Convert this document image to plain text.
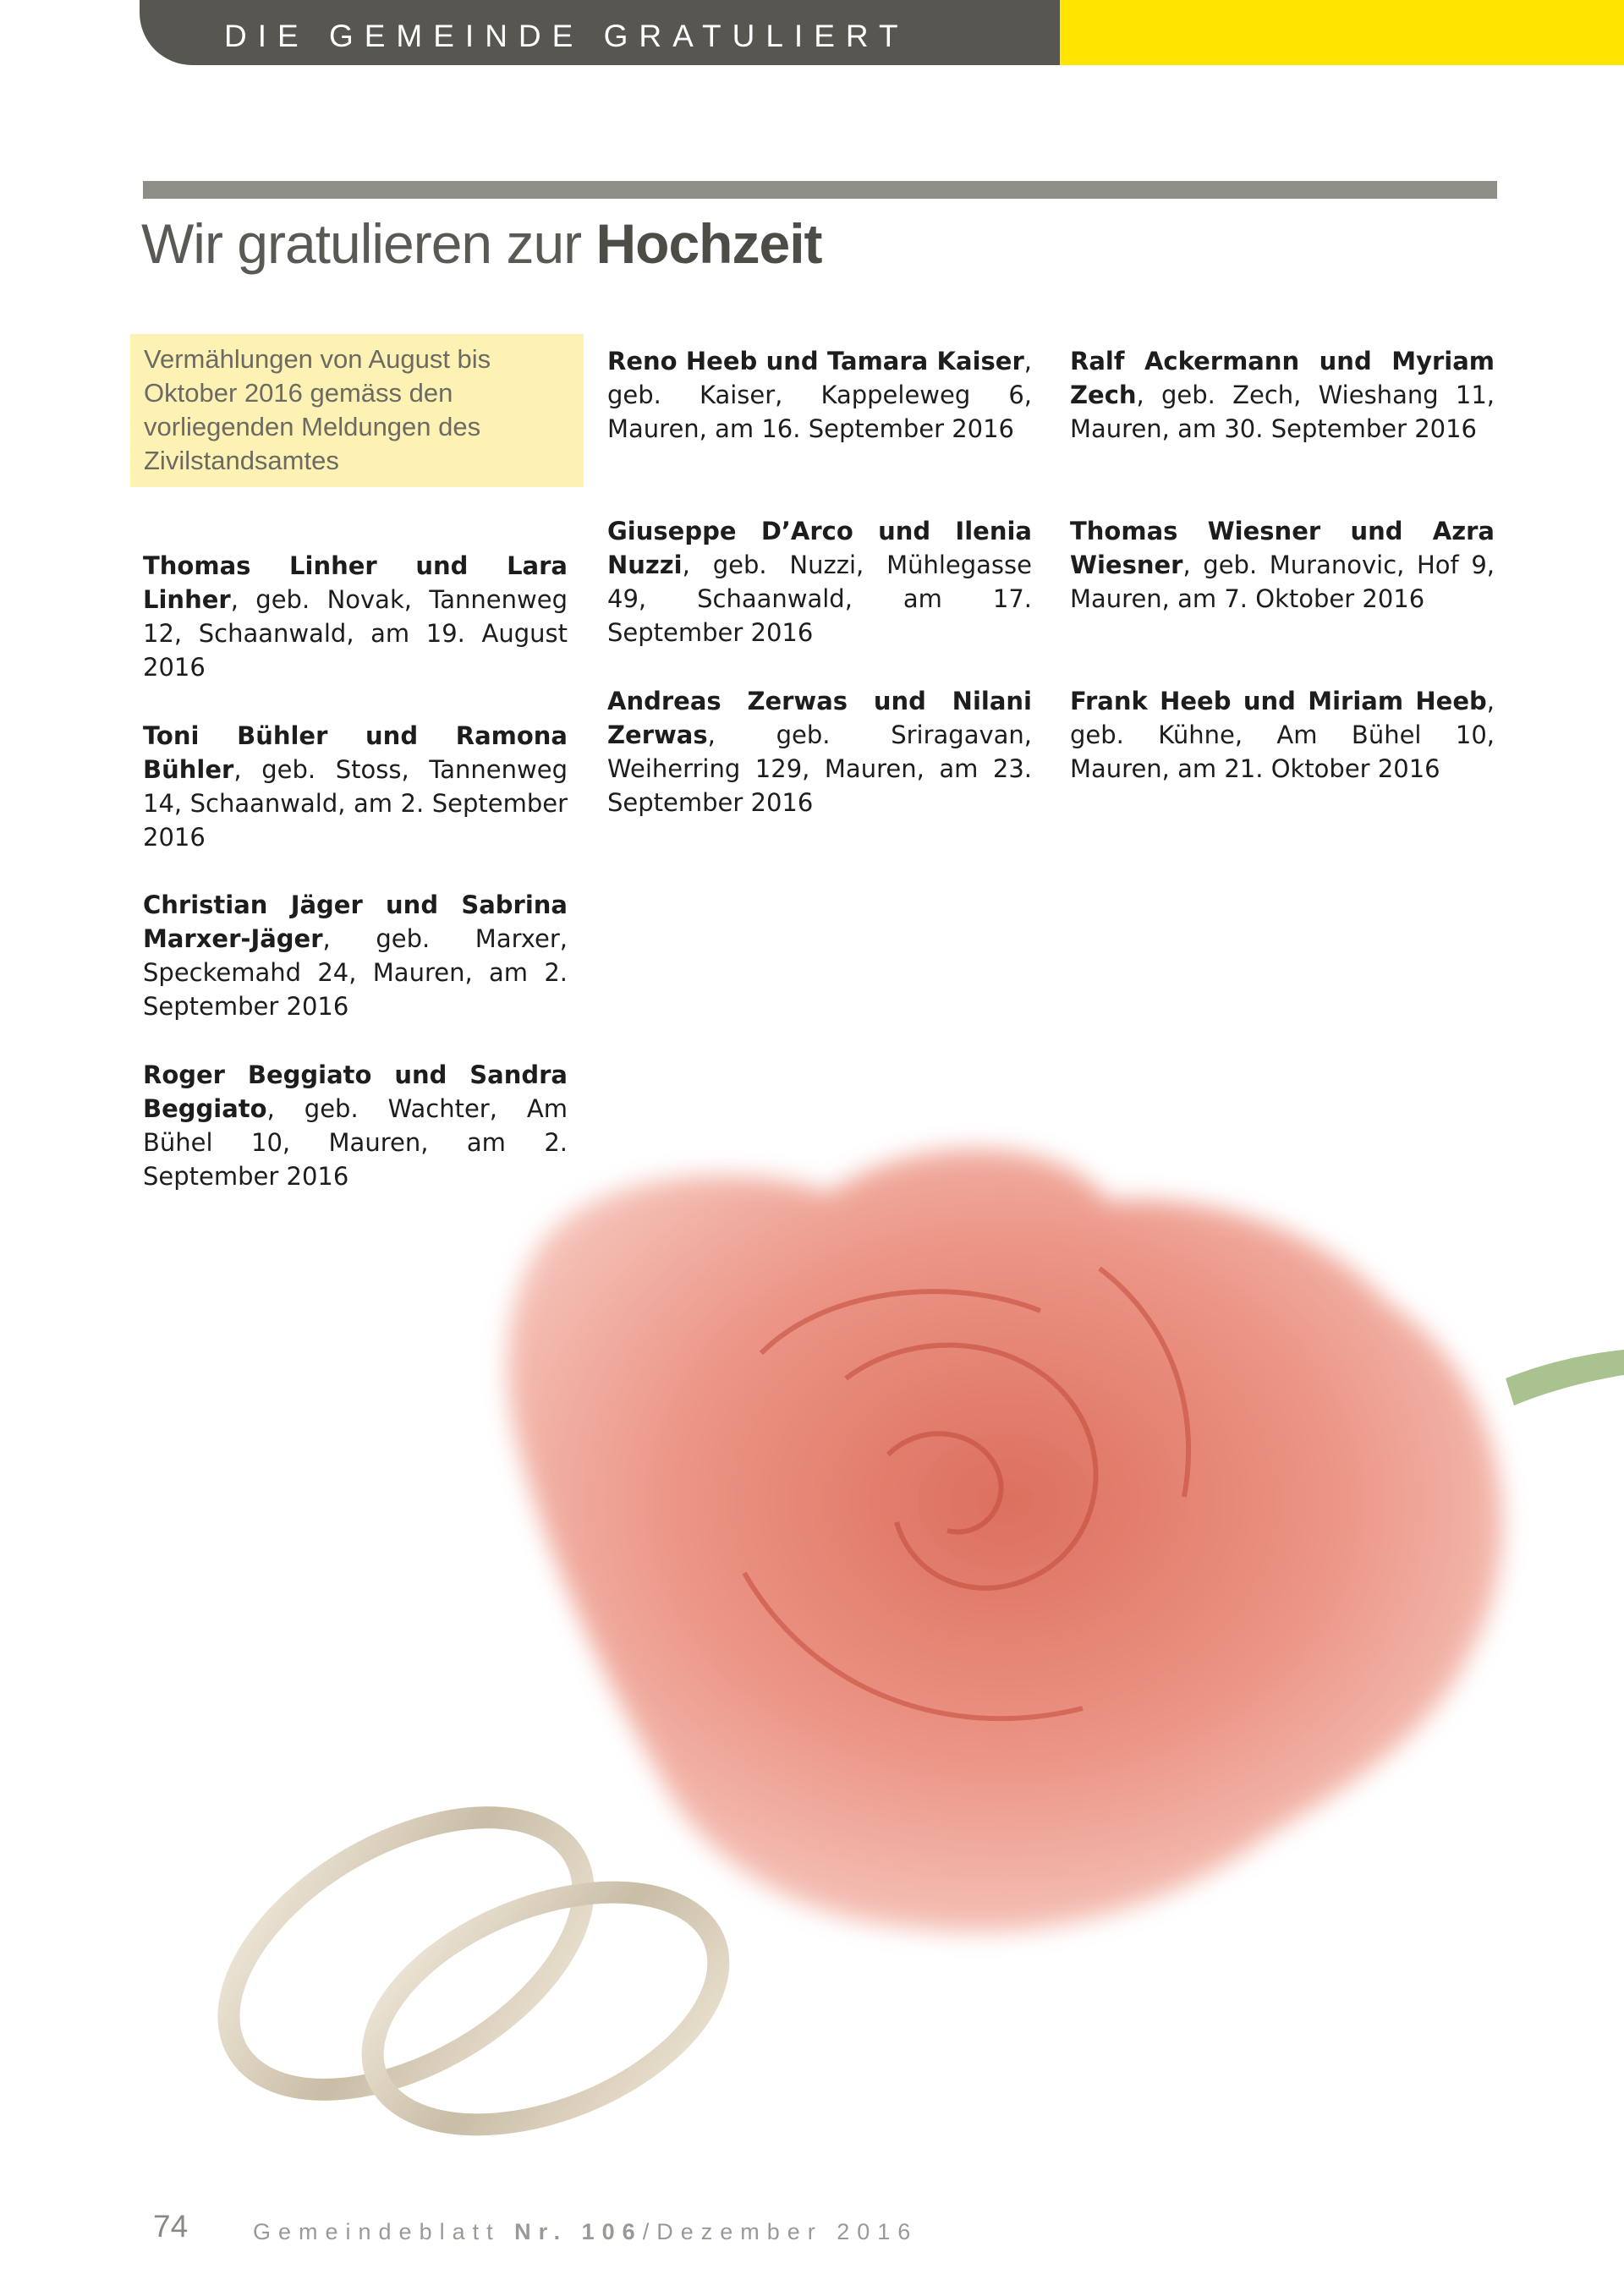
DIE GEMEINDE GRATULIERT
Wir gratulieren zur Hochzeit
Vermählungen von August bis Oktober 2016 gemäss den vorliegenden Meldungen des Zivilstandsamtes
Thomas Linher und Lara Linher, geb. Novak, Tannenweg 12, Schaanwald, am 19. August 2016
Toni Bühler und Ramona Bühler, geb. Stoss, Tannenweg 14, Schaanwald, am 2. September 2016
Christian Jäger und Sabrina Marxer-Jäger, geb. Marxer, Speckemahd 24, Mauren, am 2. September 2016
Roger Beggiato und Sandra Beggiato, geb. Wachter, Am Bühel 10, Mauren, am 2. September 2016
Reno Heeb und Tamara Kaiser, geb. Kaiser, Kappeleweg 6, Mauren, am 16. September 2016
Giuseppe D’Arco und Ilenia Nuzzi, geb. Nuzzi, Mühlegasse 49, Schaanwald, am 17. September 2016
Andreas Zerwas und Nilani Zerwas, geb. Sriragavan, Weiherring 129, Mauren, am 23. September 2016
Ralf Ackermann und Myriam Zech, geb. Zech, Wieshang 11, Mauren, am 30. September 2016
Thomas Wiesner und Azra Wiesner, geb. Muranovic, Hof 9, Mauren, am 7. Oktober 2016
Frank Heeb und Miriam Heeb, geb. Kühne, Am Bühel 10, Mauren, am 21. Oktober 2016
74	Gemeindeblatt Nr. 106/Dezember 2016
